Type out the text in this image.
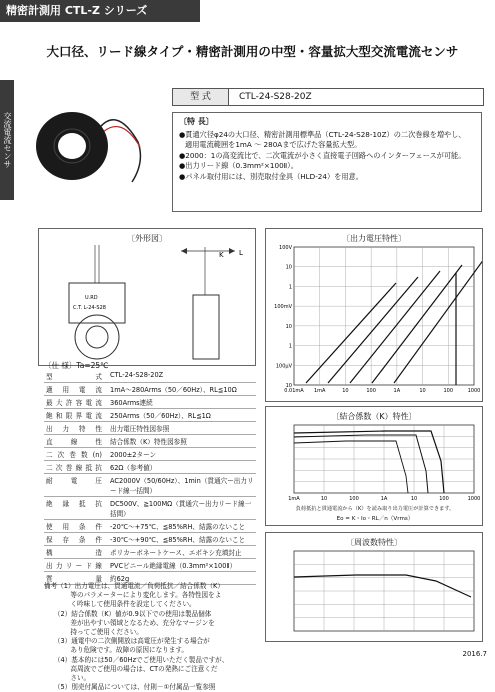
精密計測用 CTL-Z シリーズ
交流電流センサ
大口径、リード線タイプ・精密計測用の中型・容量拡大型交流電流センサ
型 式	CTL-24-S28-20Z
〔特 長〕
●貫通穴径φ24の大口径、精密計測用標準品（CTL-24-S28-10Z）の二次巻線を増やし、
適用電流範囲を1mA ～ 280Aまで広げた容量拡大型。
●2000：1の高変流比で、二次電流が小さく直接電子回路へのインターフェースが可能。
●出力リード線（0.3mm²×100Ⅱ）。
●パネル取付用には、別売取付金具（HLD-24）を用意。
〔外形図〕
K L
U.RD
C.T. L-24-S28
〔仕 様〕Ta=25℃
型式	CTL-24-S28-20Z
適用電流	1mA～280Arms（50／60Hz）、RL≦10Ω
最大許容電流	360Arms連続
飽和限界電流	250Arms（50／60Hz）、RL≦1Ω
出力特性	出力電圧特性図参照
直線性	結合係数（K）特性図参照
二次巻数(n)	2000±2ターン
二次巻線抵抗	62Ω（参考値）
耐電圧	AC2000V（50/60Hz）、1min（貫通穴ー出力リード線一括間）
絶縁抵抗	DC500V、≧100MΩ（貫通穴ー出力リード線一括間）
使用条件	-20℃～+75℃、≦85%RH、結露のないこと
保存条件	-30℃～+90℃、≦85%RH、結露のないこと
構造	ポリカーボネートケース、エポキシ充填封止
出力リード線	PVCビニール絶縁電線（0.3mm²×100Ⅱ）
質量	約62g
備考（1）出力電圧は、貫通電流／負荷抵抗／結合係数（K）
　　　　等のパラメーターにより変化します。各特性図をよ
　　　　く吟味して使用条件を設定してください。
　　（2）結合係数（K）値が0.9以下での使用は製品個体
　　　　差が出やすい領域となるため、充分なマージンを
　　　　持ってご使用ください。
　　（3）通電中の二次側開放は高電圧が発生する場合が
　　　　あり危険です。故障の原因になります。
　　（4）基本的には50／60Hzでご使用いただく製品ですが、
　　　　高周波でご使用の場合は、CTの発熱にご注意くだ
　　　　さい。
　　（5）別売付属品については、付則－①付属品一覧参照
〔出力電圧特性〕
0.01mA 1mA	10	100	1A	10	100	1000
100V
10
1
100mV
10
1
100μV
10
〔結合係数（K）特性〕
1mA	10	100	1A	10	100	1000
負荷抵抗と貫通電流から（K）を読み取り出力電圧が計算できます。
Eo = K・Io・RL／n（Vrms）
〔周波数特性〕
2016.7
